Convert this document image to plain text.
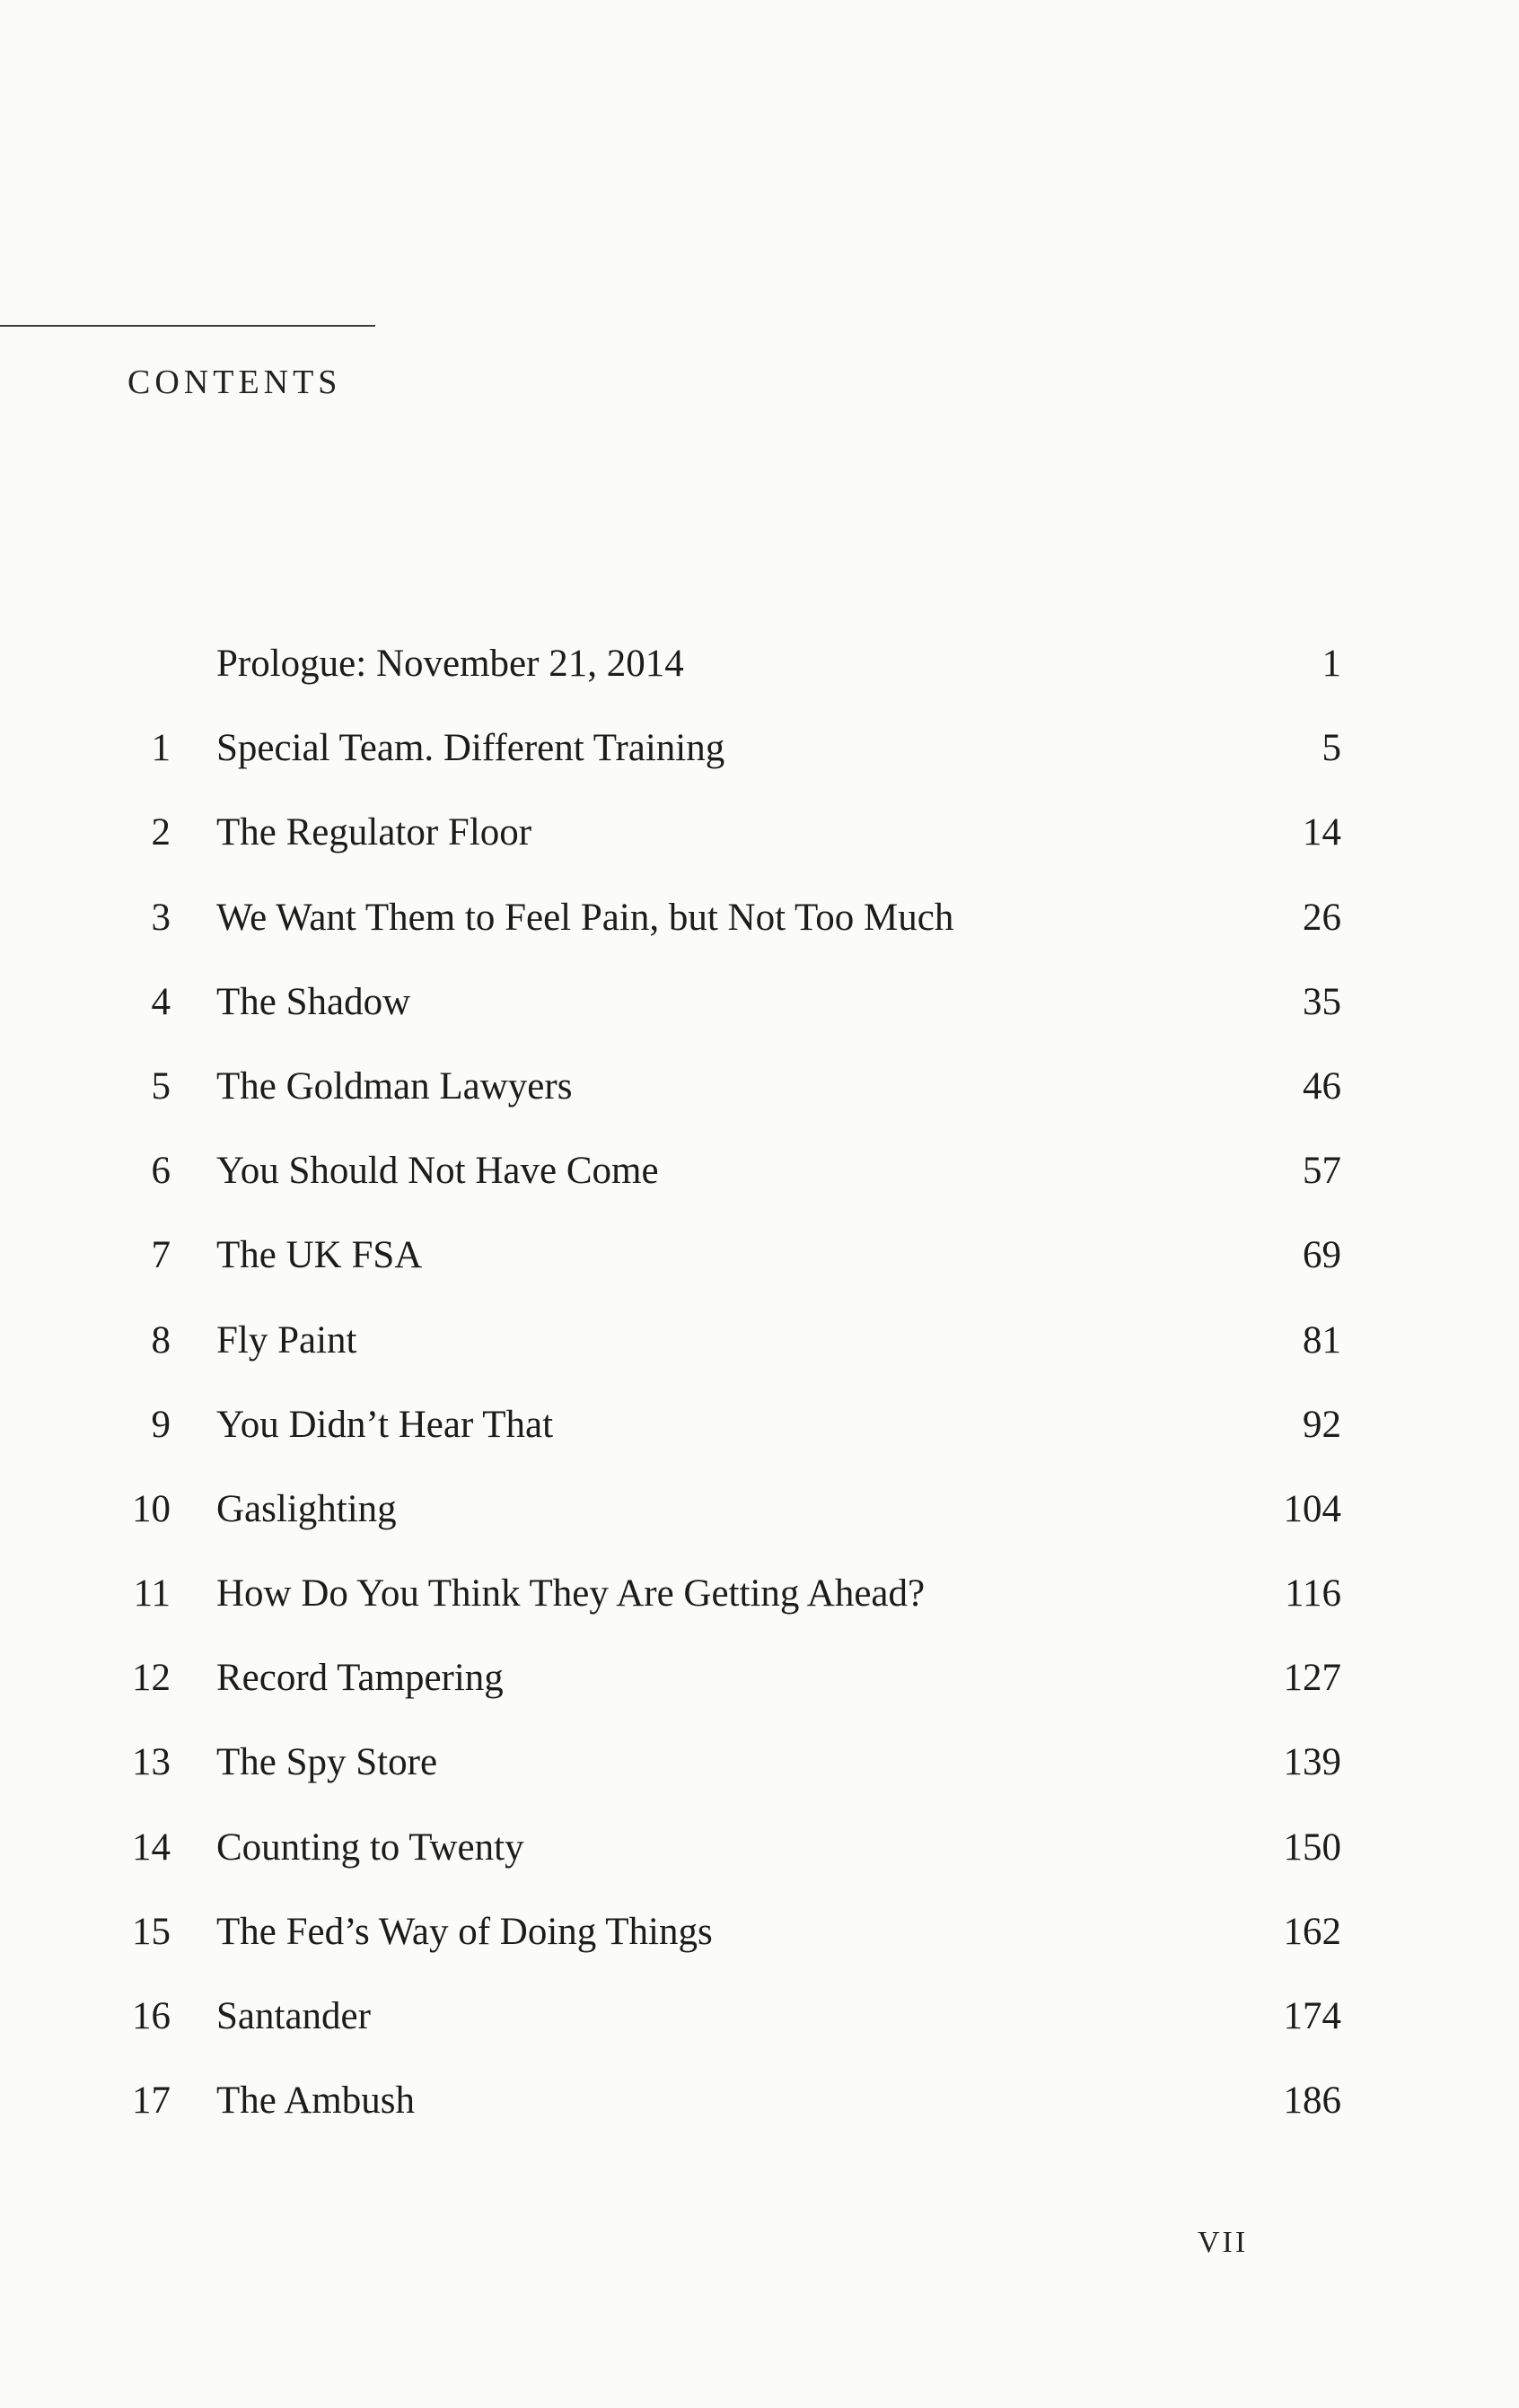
CONTENTS
Prologue: November 21, 2014	1
1 Special Team. Different Training	5
2 The Regulator Floor	14
3 We Want Them to Feel Pain, but Not Too Much	26
4 The Shadow	35
5 The Goldman Lawyers	46
6 You Should Not Have Come	57
7 The UK FSA	69
8 Fly Paint	81
9 You Didn’t Hear That	92
10 Gaslighting	104
11 How Do You Think They Are Getting Ahead?	116
12 Record Tampering	127
13 The Spy Store	139
14 Counting to Twenty	150
15 The Fed’s Way of Doing Things	162
16 Santander	174
17 The Ambush	186
VII
